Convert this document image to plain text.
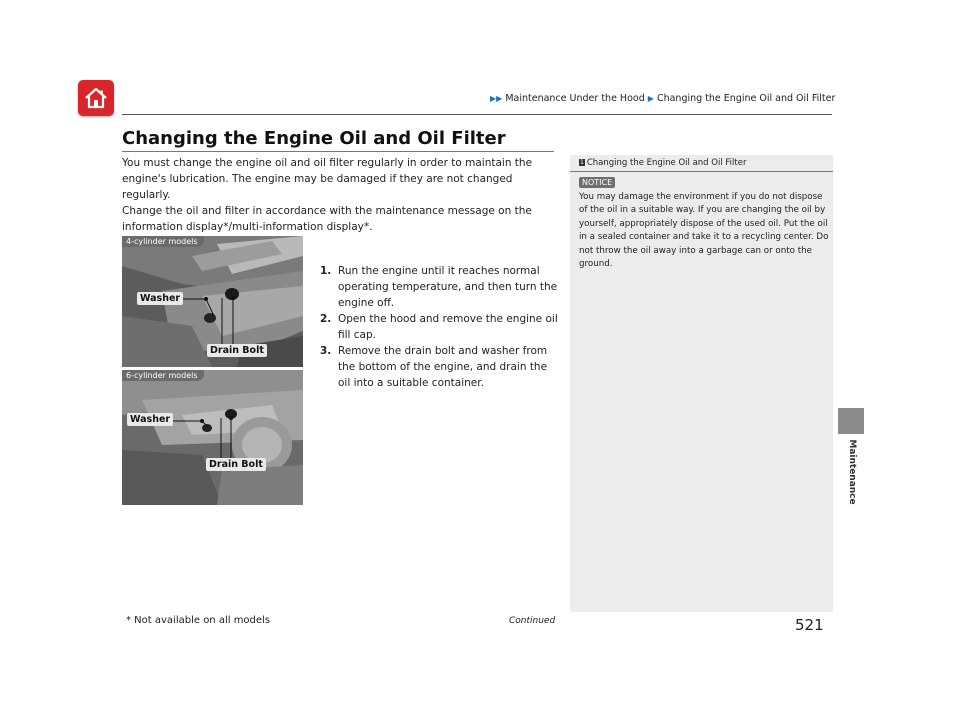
▶▶ Maintenance Under the Hood ▶ Changing the Engine Oil and Oil Filter
Changing the Engine Oil and Oil Filter

You must change the engine oil and oil filter regularly in order to maintain the engine's lubrication. The engine may be damaged if they are not changed regularly.

Change the oil and filter in accordance with the maintenance message on the information display*/multi-information display*.

1. Run the engine until it reaches normal operating temperature, and then turn the engine off.
2. Open the hood and remove the engine oil fill cap.
3. Remove the drain bolt and washer from the bottom of the engine, and drain the oil into a suitable container.
4-cylinder models
Washer
Drain Bolt
6-cylinder models
Washer
Drain Bolt
1 Changing the Engine Oil and Oil Filter
NOTICE

You may damage the environment if you do not dispose of the oil in a suitable way. If you are changing the oil by yourself, appropriately dispose of the used oil. Put the oil in a sealed container and take it to a recycling center. Do not throw the oil away into a garbage can or onto the ground.

Maintenance
* Not available on all models	Continued	521
